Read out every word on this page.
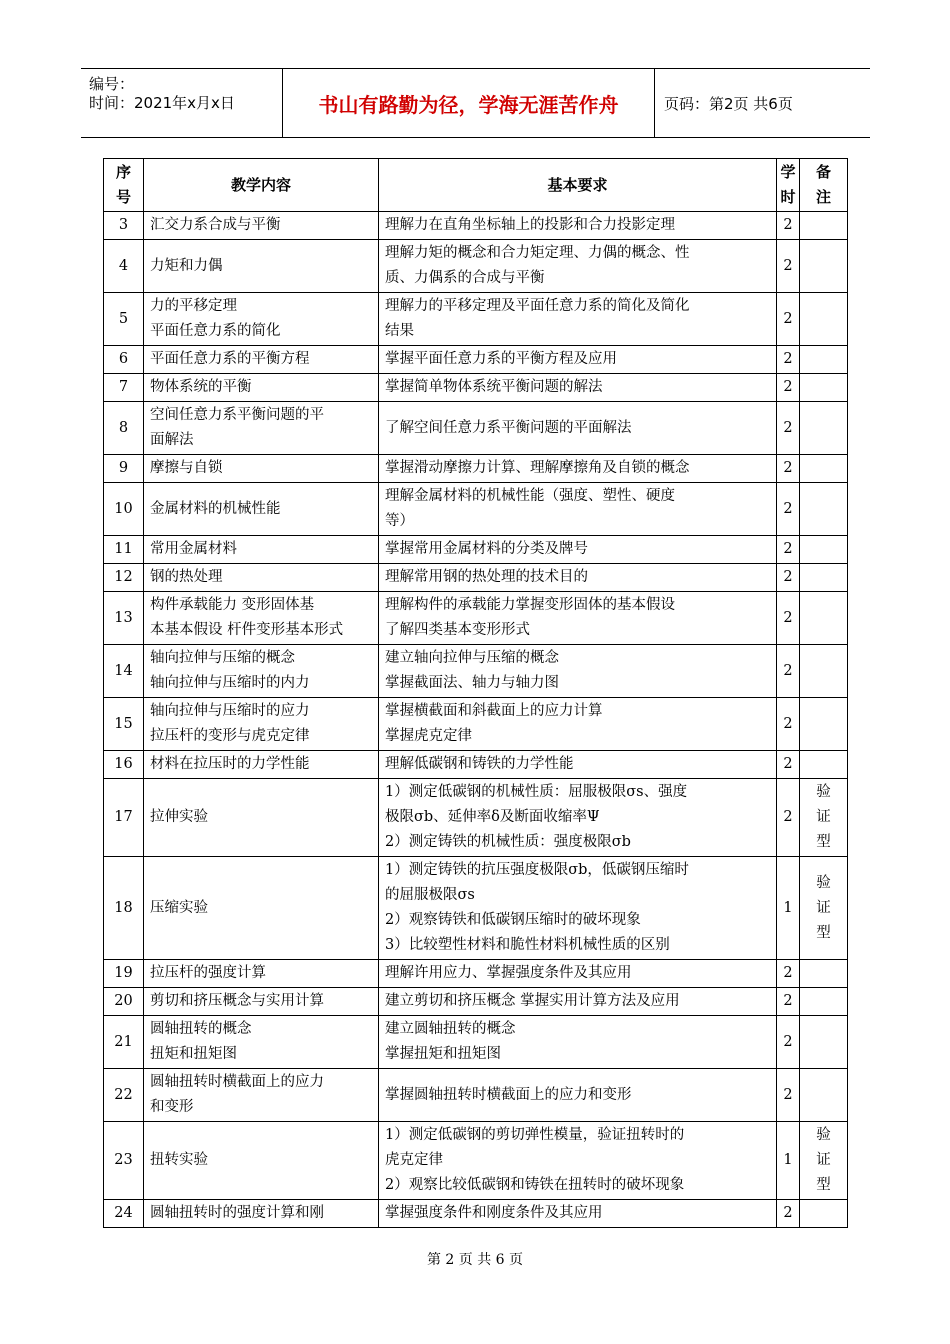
编号：
时间：2021年x月x日	书山有路勤为径，学海无涯苦作舟	页码：第2页 共6页
序号	教学内容	基本要求	学时	备注
3	汇交力系合成与平衡	理解力在直角坐标轴上的投影和合力投影定理	2	
4	力矩和力偶	理解力矩的概念和合力矩定理、力偶的概念、性
质、力偶系的合成与平衡	2	
5	力的平移定理
平面任意力系的简化	理解力的平移定理及平面任意力系的简化及简化
结果	2	
6	平面任意力系的平衡方程	掌握平面任意力系的平衡方程及应用	2	
7	物体系统的平衡	掌握简单物体系统平衡问题的解法	2	
8	空间任意力系平衡问题的平
面解法	了解空间任意力系平衡问题的平面解法	2	
9	摩擦与自锁	掌握滑动摩擦力计算、理解摩擦角及自锁的概念	2	
10	金属材料的机械性能	理解金属材料的机械性能（强度、塑性、硬度
等）	2	
11	常用金属材料	掌握常用金属材料的分类及牌号	2	
12	钢的热处理	理解常用钢的热处理的技术目的	2	
13	构件承载能力 变形固体基
本基本假设 杆件变形基本形式	理解构件的承载能力掌握变形固体的基本假设
了解四类基本变形形式	2	
14	轴向拉伸与压缩的概念
轴向拉伸与压缩时的内力	建立轴向拉伸与压缩的概念
掌握截面法、轴力与轴力图	2	
15	轴向拉伸与压缩时的应力
拉压杆的变形与虎克定律	掌握横截面和斜截面上的应力计算
掌握虎克定律	2	
16	材料在拉压时的力学性能	理解低碳钢和铸铁的力学性能	2	
17	拉伸实验	1）测定低碳钢的机械性质：屈服极限σs、强度
极限σb、延伸率δ及断面收缩率Ψ
2）测定铸铁的机械性质：强度极限σb	2	验证型
18	压缩实验	1）测定铸铁的抗压强度极限σb，低碳钢压缩时
的屈服极限σs
2）观察铸铁和低碳钢压缩时的破坏现象
3）比较塑性材料和脆性材料机械性质的区别	1	验证型
19	拉压杆的强度计算	理解许用应力、掌握强度条件及其应用	2	
20	剪切和挤压概念与实用计算	建立剪切和挤压概念 掌握实用计算方法及应用	2	
21	圆轴扭转的概念
扭矩和扭矩图	建立圆轴扭转的概念
掌握扭矩和扭矩图	2	
22	圆轴扭转时横截面上的应力
和变形	掌握圆轴扭转时横截面上的应力和变形	2	
23	扭转实验	1）测定低碳钢的剪切弹性模量，验证扭转时的
虎克定律
2）观察比较低碳钢和铸铁在扭转时的破坏现象	1	验证型
24	圆轴扭转时的强度计算和刚	掌握强度条件和刚度条件及其应用	2	
第 2 页 共 6 页
